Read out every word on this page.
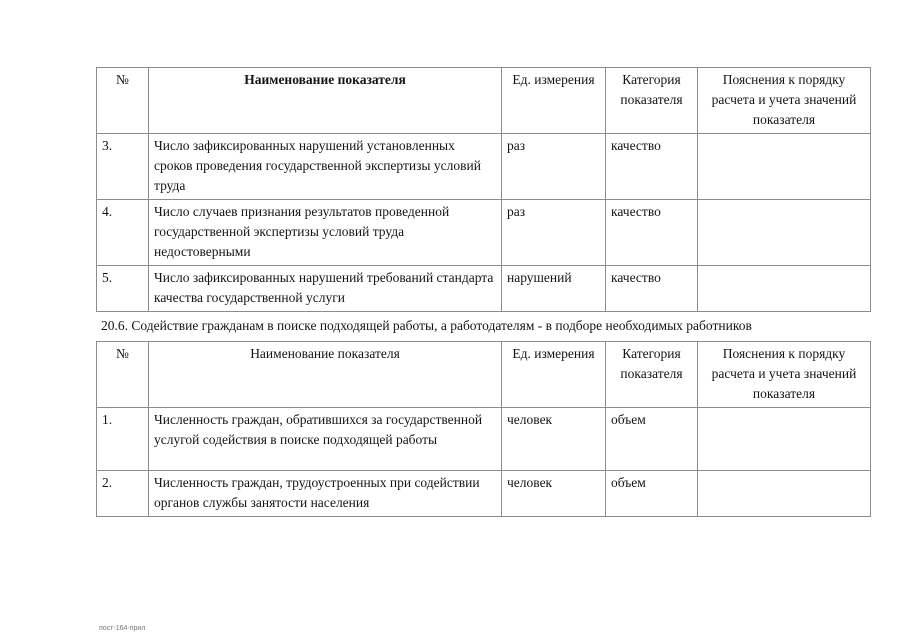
№	Наименование показателя	Ед. измерения	Категория показателя	Пояснения к порядку расчета и учета значений показателя
3.	Число зафиксированных нарушений установленных сроков проведения государственной экспертизы условий труда	раз	качество	
4.	Число случаев признания результатов проведенной государственной экспертизы условий труда недостоверными	раз	качество	
5.	Число зафиксированных нарушений требований стандарта качества государственной услуги	нарушений	качество	
20.6. Содействие гражданам в поиске подходящей работы, а работодателям - в подборе необходимых работников
№	Наименование показателя	Ед. измерения	Категория показателя	Пояснения к порядку расчета и учета значений показателя
1.	Численность граждан, обратившихся за государственной услугой содействия в поиске подходящей работы	человек	объем	
2.	Численность граждан, трудоустроенных при содействии органов службы занятости населения	человек	объем	
пост-164-прил
